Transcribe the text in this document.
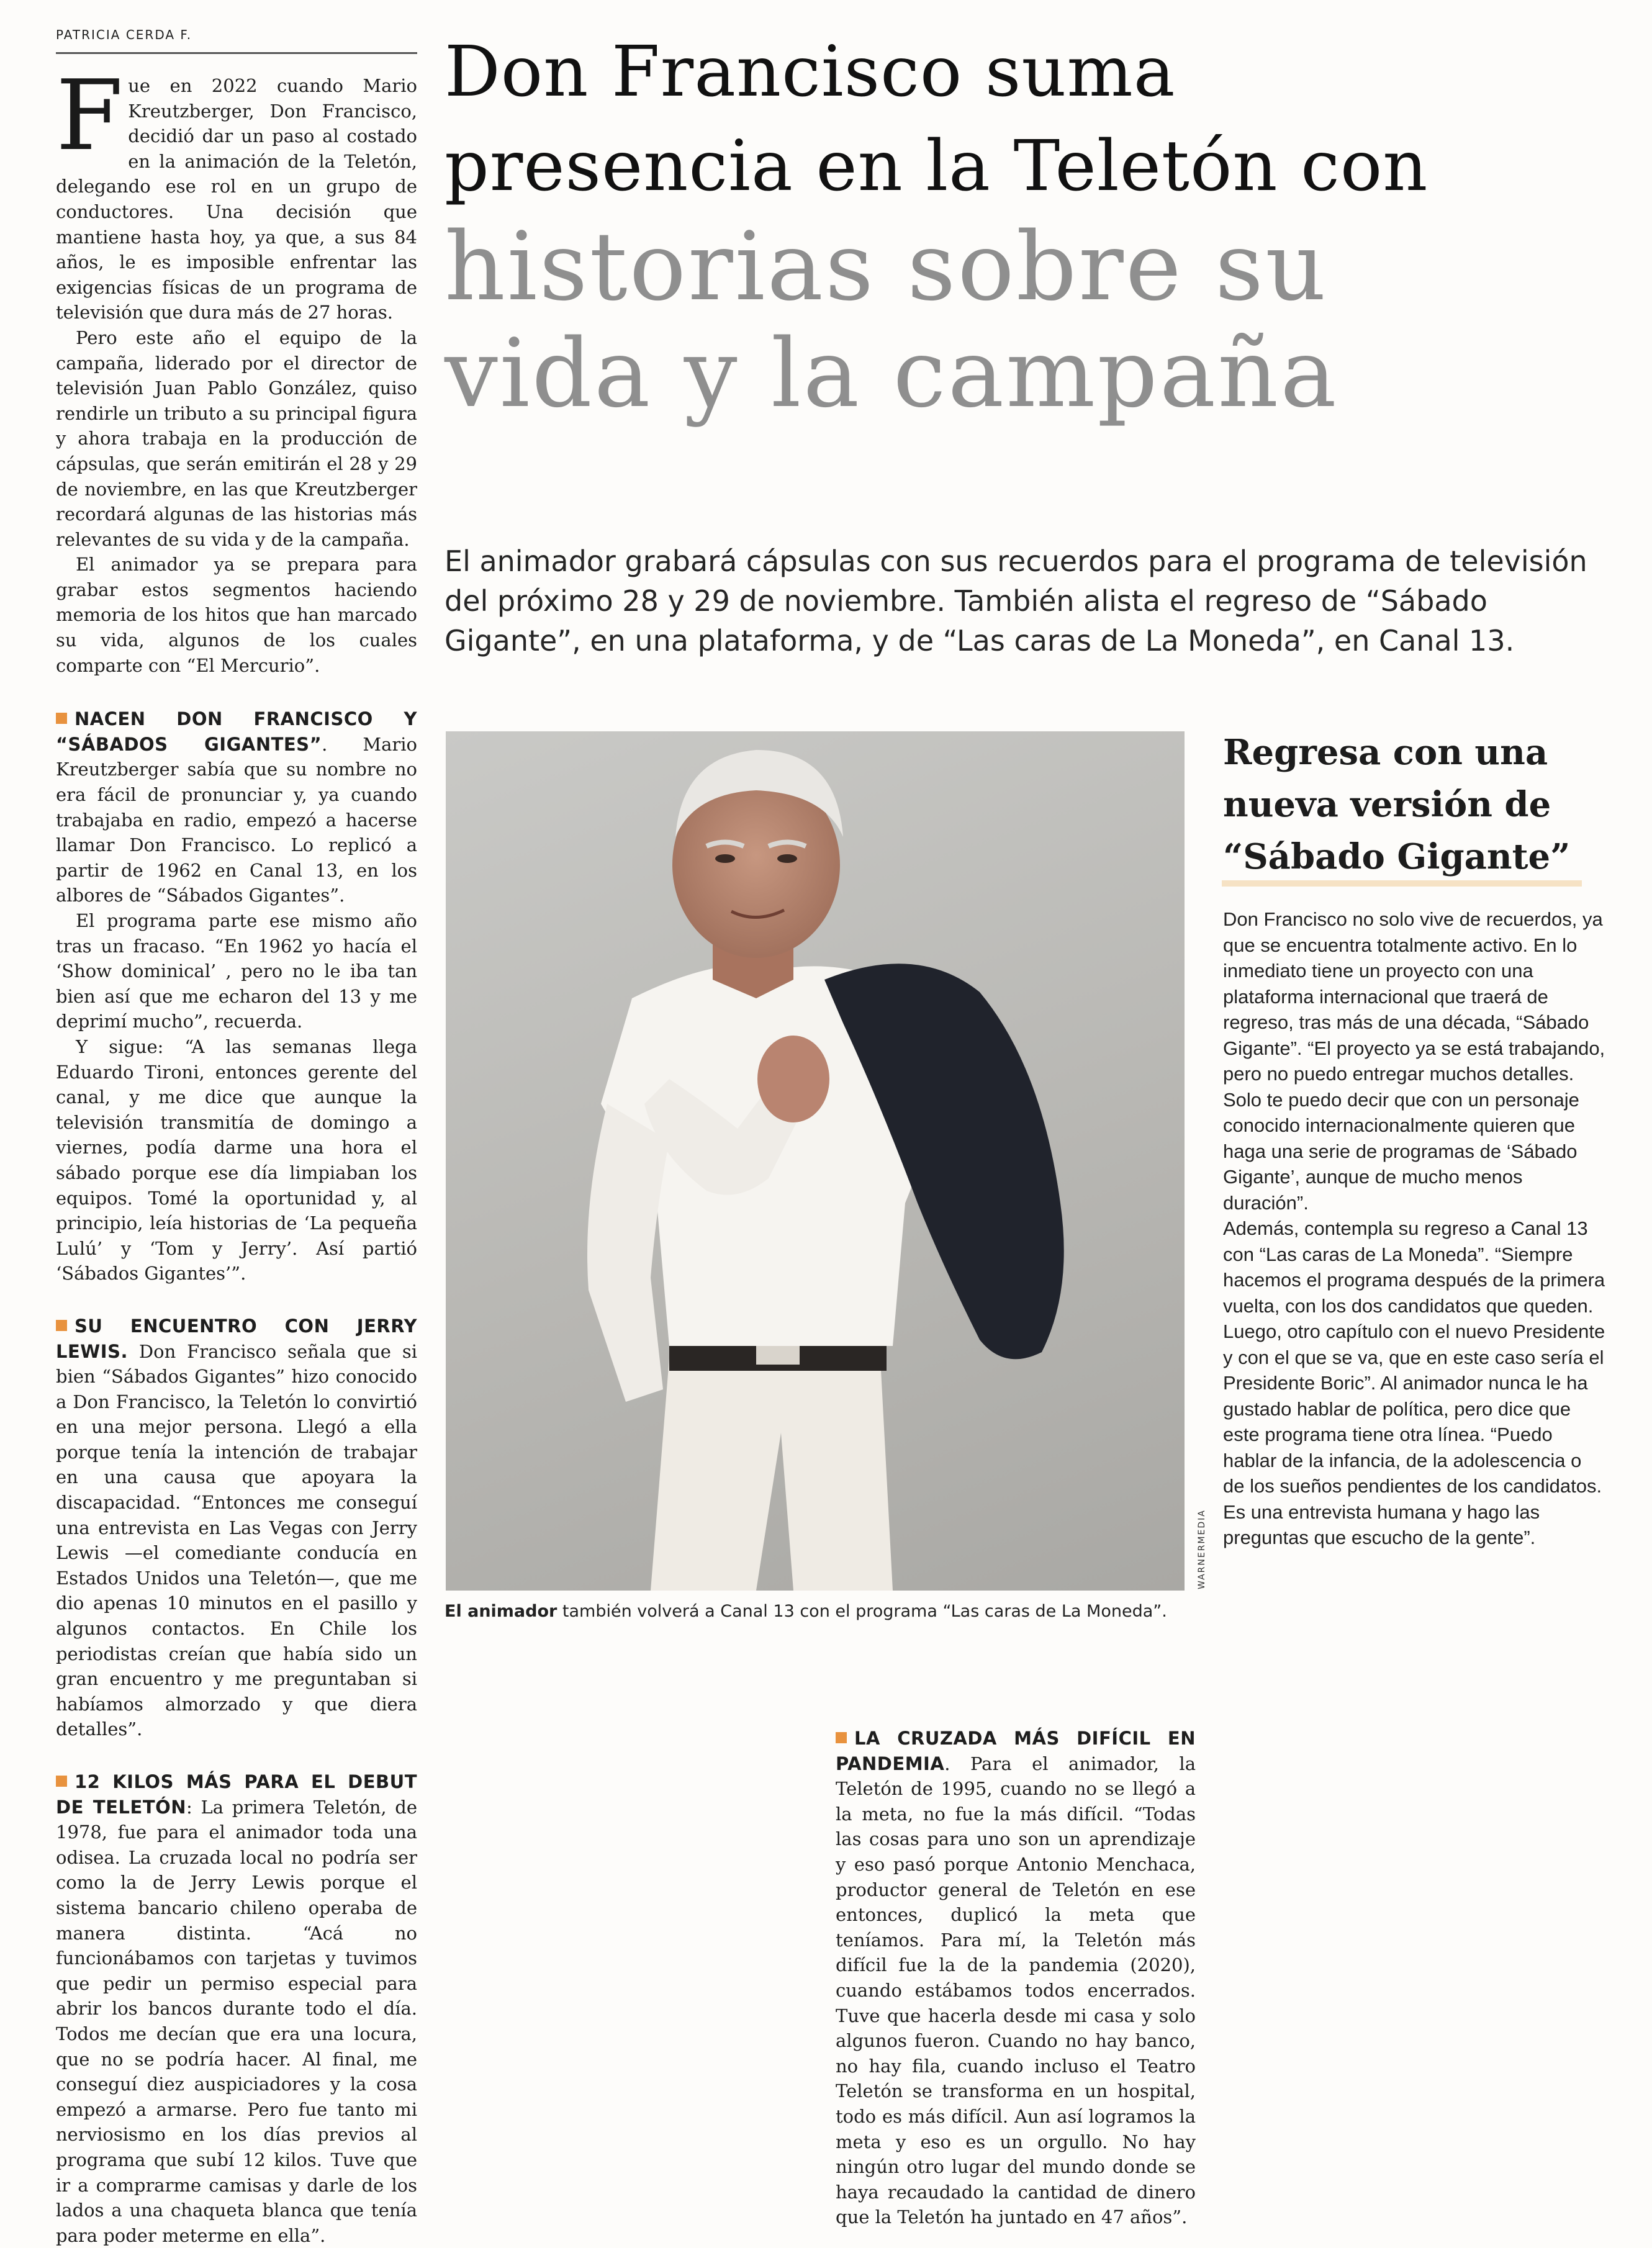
PATRICIA CERDA F.

Fue en 2022 cuando Mario Kreutzberger, Don Francisco, decidió dar un paso al costado en la animación de la Teletón, delegando ese rol en un grupo de conductores. Una decisión que mantiene hasta hoy, ya que, a sus 84 años, le es imposible enfrentar las exigencias físicas de un programa de televisión que dura más de 27 horas.

Pero este año el equipo de la campaña, liderado por el director de televisión Juan Pablo González, quiso rendirle un tributo a su principal figura y ahora trabaja en la producción de cápsulas, que serán emitirán el 28 y 29 de noviembre, en las que Kreutzberger recordará algunas de las historias más relevantes de su vida y de la campaña.

El animador ya se prepara para grabar estos segmentos haciendo memoria de los hitos que han marcado su vida, algunos de los cuales comparte con “El Mercurio”.

NACEN DON FRANCISCO Y “SÁBADOS GIGANTES”. Mario Kreutzberger sabía que su nombre no era fácil de pronunciar y, ya cuando trabajaba en radio, empezó a hacerse llamar Don Francisco. Lo replicó a partir de 1962 en Canal 13, en los albores de “Sábados Gigantes”.

El programa parte ese mismo año tras un fracaso. “En 1962 yo hacía el ‘Show dominical’ , pero no le iba tan bien así que me echaron del 13 y me deprimí mucho”, recuerda.

Y sigue: “A las semanas llega Eduardo Tironi, entonces gerente del canal, y me dice que aunque la televisión transmitía de domingo a viernes, podía darme una hora el sábado porque ese día limpiaban los equipos. Tomé la oportunidad y, al principio, leía historias de ‘La pequeña Lulú’ y ‘Tom y Jerry’. Así partió ‘Sábados Gigantes’”.

SU ENCUENTRO CON JERRY LEWIS. Don Francisco señala que si bien “Sábados Gigantes” hizo conocido a Don Francisco, la Teletón lo convirtió en una mejor persona. Llegó a ella porque tenía la intención de trabajar en una causa que apoyara la discapacidad. “Entonces me conseguí una entrevista en Las Vegas con Jerry Lewis —el comediante conducía en Estados Unidos una Teletón—, que me dio apenas 10 minutos en el pasillo y algunos contactos. En Chile los periodistas creían que había sido un gran encuentro y me preguntaban si habíamos almorzado y que diera detalles”.

12 KILOS MÁS PARA EL DEBUT DE TELETÓN: La primera Teletón, de 1978, fue para el animador toda una odisea. La cruzada local no podría ser como la de Jerry Lewis porque el sistema bancario chileno operaba de manera distinta. “Acá no funcionábamos con tarjetas y tuvimos que pedir un permiso especial para abrir los bancos durante todo el día. Todos me decían que era una locura, que no se podría hacer. Al final, me conseguí diez auspiciadores y la cosa empezó a armarse. Pero fue tanto mi nerviosismo en los días previos al programa que subí 12 kilos. Tuve que ir a comprarme camisas y darle de los lados a una chaqueta blanca que tenía para poder meterme en ella”.

Don Francisco suma
presencia en la Teletón con
historias sobre su
vida y la campaña
El animador grabará cápsulas con sus recuerdos para el programa de televisión del próximo 28 y 29 de noviembre. También alista el regreso de “Sábado Gigante”, en una plataforma, y de “Las caras de La Moneda”, en Canal 13.
WARNERMEDIA
El animador también volverá a Canal 13 con el programa “Las caras de La Moneda”.
Regresa con una nueva versión de “Sábado Gigante”

Don Francisco no solo vive de recuerdos, ya que se encuentra totalmente activo. En lo inmediato tiene un proyecto con una plataforma internacional que traerá de regreso, tras más de una década, “Sábado Gigante”. “El proyecto ya se está trabajando, pero no puedo entregar muchos detalles. Solo te puedo decir que con un personaje conocido internacionalmente quieren que haga una serie de programas de ‘Sábado Gigante’, aunque de mucho menos duración”.

Además, contempla su regreso a Canal 13 con “Las caras de La Moneda”. “Siempre hacemos el programa después de la primera vuelta, con los dos candidatos que queden. Luego, otro capítulo con el nuevo Presidente y con el que se va, que en este caso sería el Presidente Boric”. Al animador nunca le ha gustado hablar de política, pero dice que este programa tiene otra línea. “Puedo hablar de la infancia, de la adolescencia o de los sueños pendientes de los candidatos. Es una entrevista humana y hago las preguntas que escucho de la gente”.

LA CRUZADA MÁS DIFÍCIL EN PANDEMIA. Para el animador, la Teletón de 1995, cuando no se llegó a la meta, no fue la más difícil. “Todas las cosas para uno son un aprendizaje y eso pasó porque Antonio Menchaca, productor general de Teletón en ese entonces, duplicó la meta que teníamos. Para mí, la Teletón más difícil fue la de la pandemia (2020), cuando estábamos todos encerrados. Tuve que hacerla desde mi casa y solo algunos fueron. Cuando no hay banco, no hay fila, cuando incluso el Teatro Teletón se transforma en un hospital, todo es más difícil. Aun así logramos la meta y eso es un orgullo. No hay ningún otro lugar del mundo donde se haya recaudado la cantidad de dinero que la Teletón ha juntado en 47 años”.
